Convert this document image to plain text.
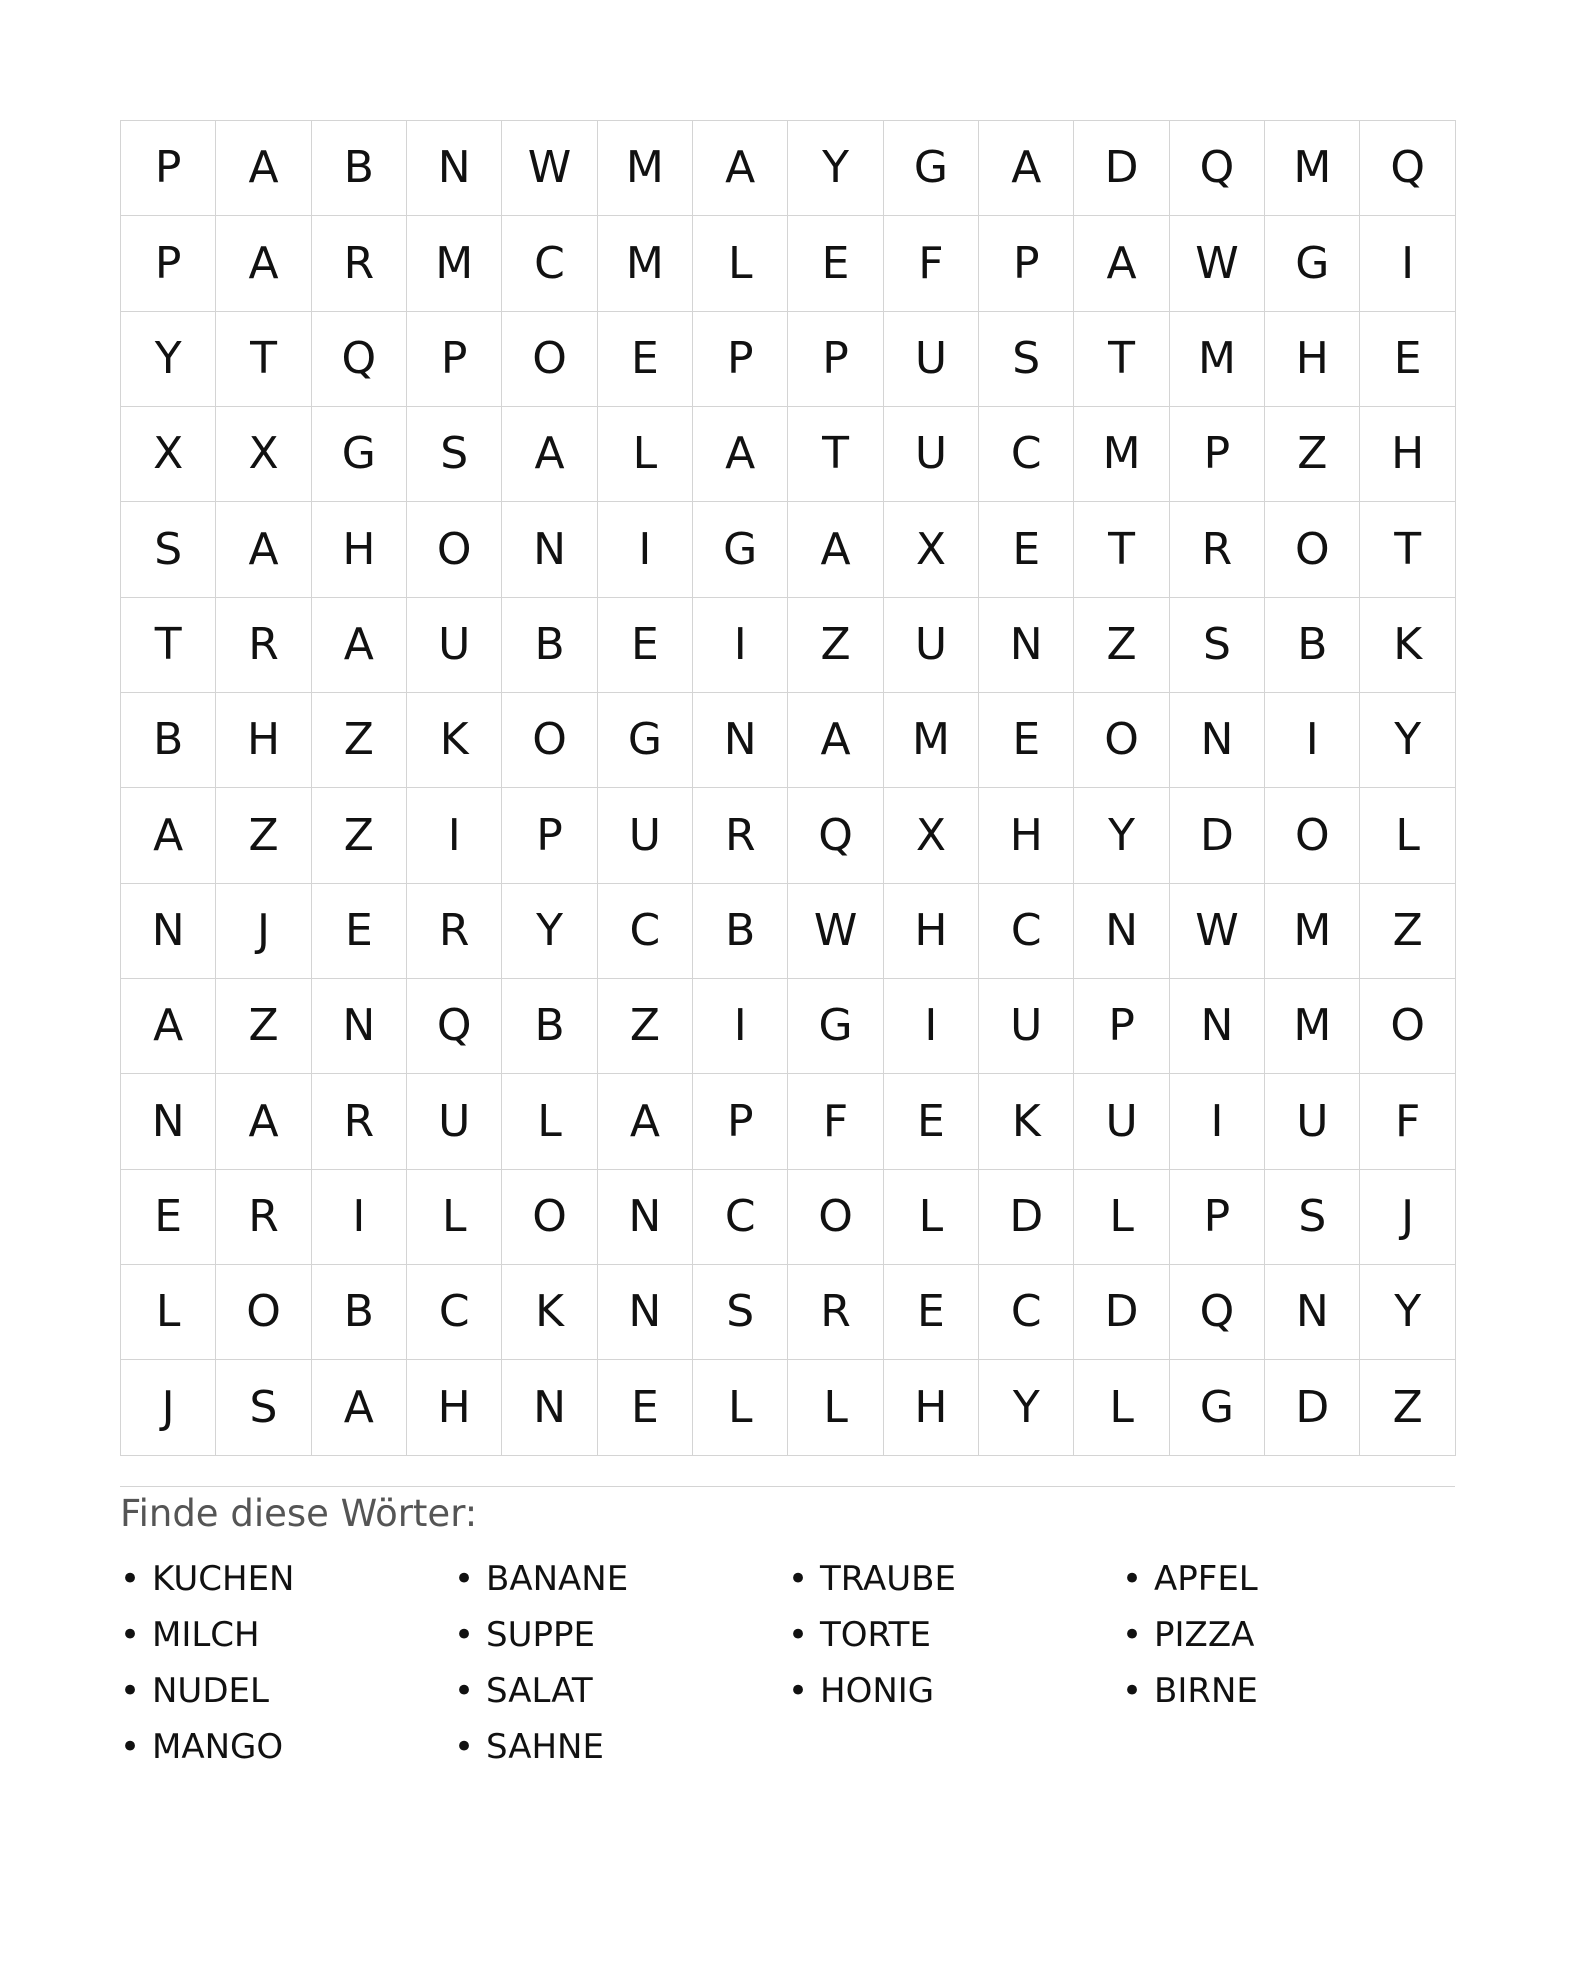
P	A	B	N	W	M	A	Y	G	A	D	Q	M	Q
P	A	R	M	C	M	L	E	F	P	A	W	G	I
Y	T	Q	P	O	E	P	P	U	S	T	M	H	E
X	X	G	S	A	L	A	T	U	C	M	P	Z	H
S	A	H	O	N	I	G	A	X	E	T	R	O	T
T	R	A	U	B	E	I	Z	U	N	Z	S	B	K
B	H	Z	K	O	G	N	A	M	E	O	N	I	Y
A	Z	Z	I	P	U	R	Q	X	H	Y	D	O	L
N	J	E	R	Y	C	B	W	H	C	N	W	M	Z
A	Z	N	Q	B	Z	I	G	I	U	P	N	M	O
N	A	R	U	L	A	P	F	E	K	U	I	U	F
E	R	I	L	O	N	C	O	L	D	L	P	S	J
L	O	B	C	K	N	S	R	E	C	D	Q	N	Y
J	S	A	H	N	E	L	L	H	Y	L	G	D	Z
Finde diese Wörter:
• KUCHEN	• BANANE	• TRAUBE	• APFEL
• MILCH	• SUPPE	• TORTE	• PIZZA
• NUDEL	• SALAT	• HONIG	• BIRNE
• MANGO	• SAHNE
